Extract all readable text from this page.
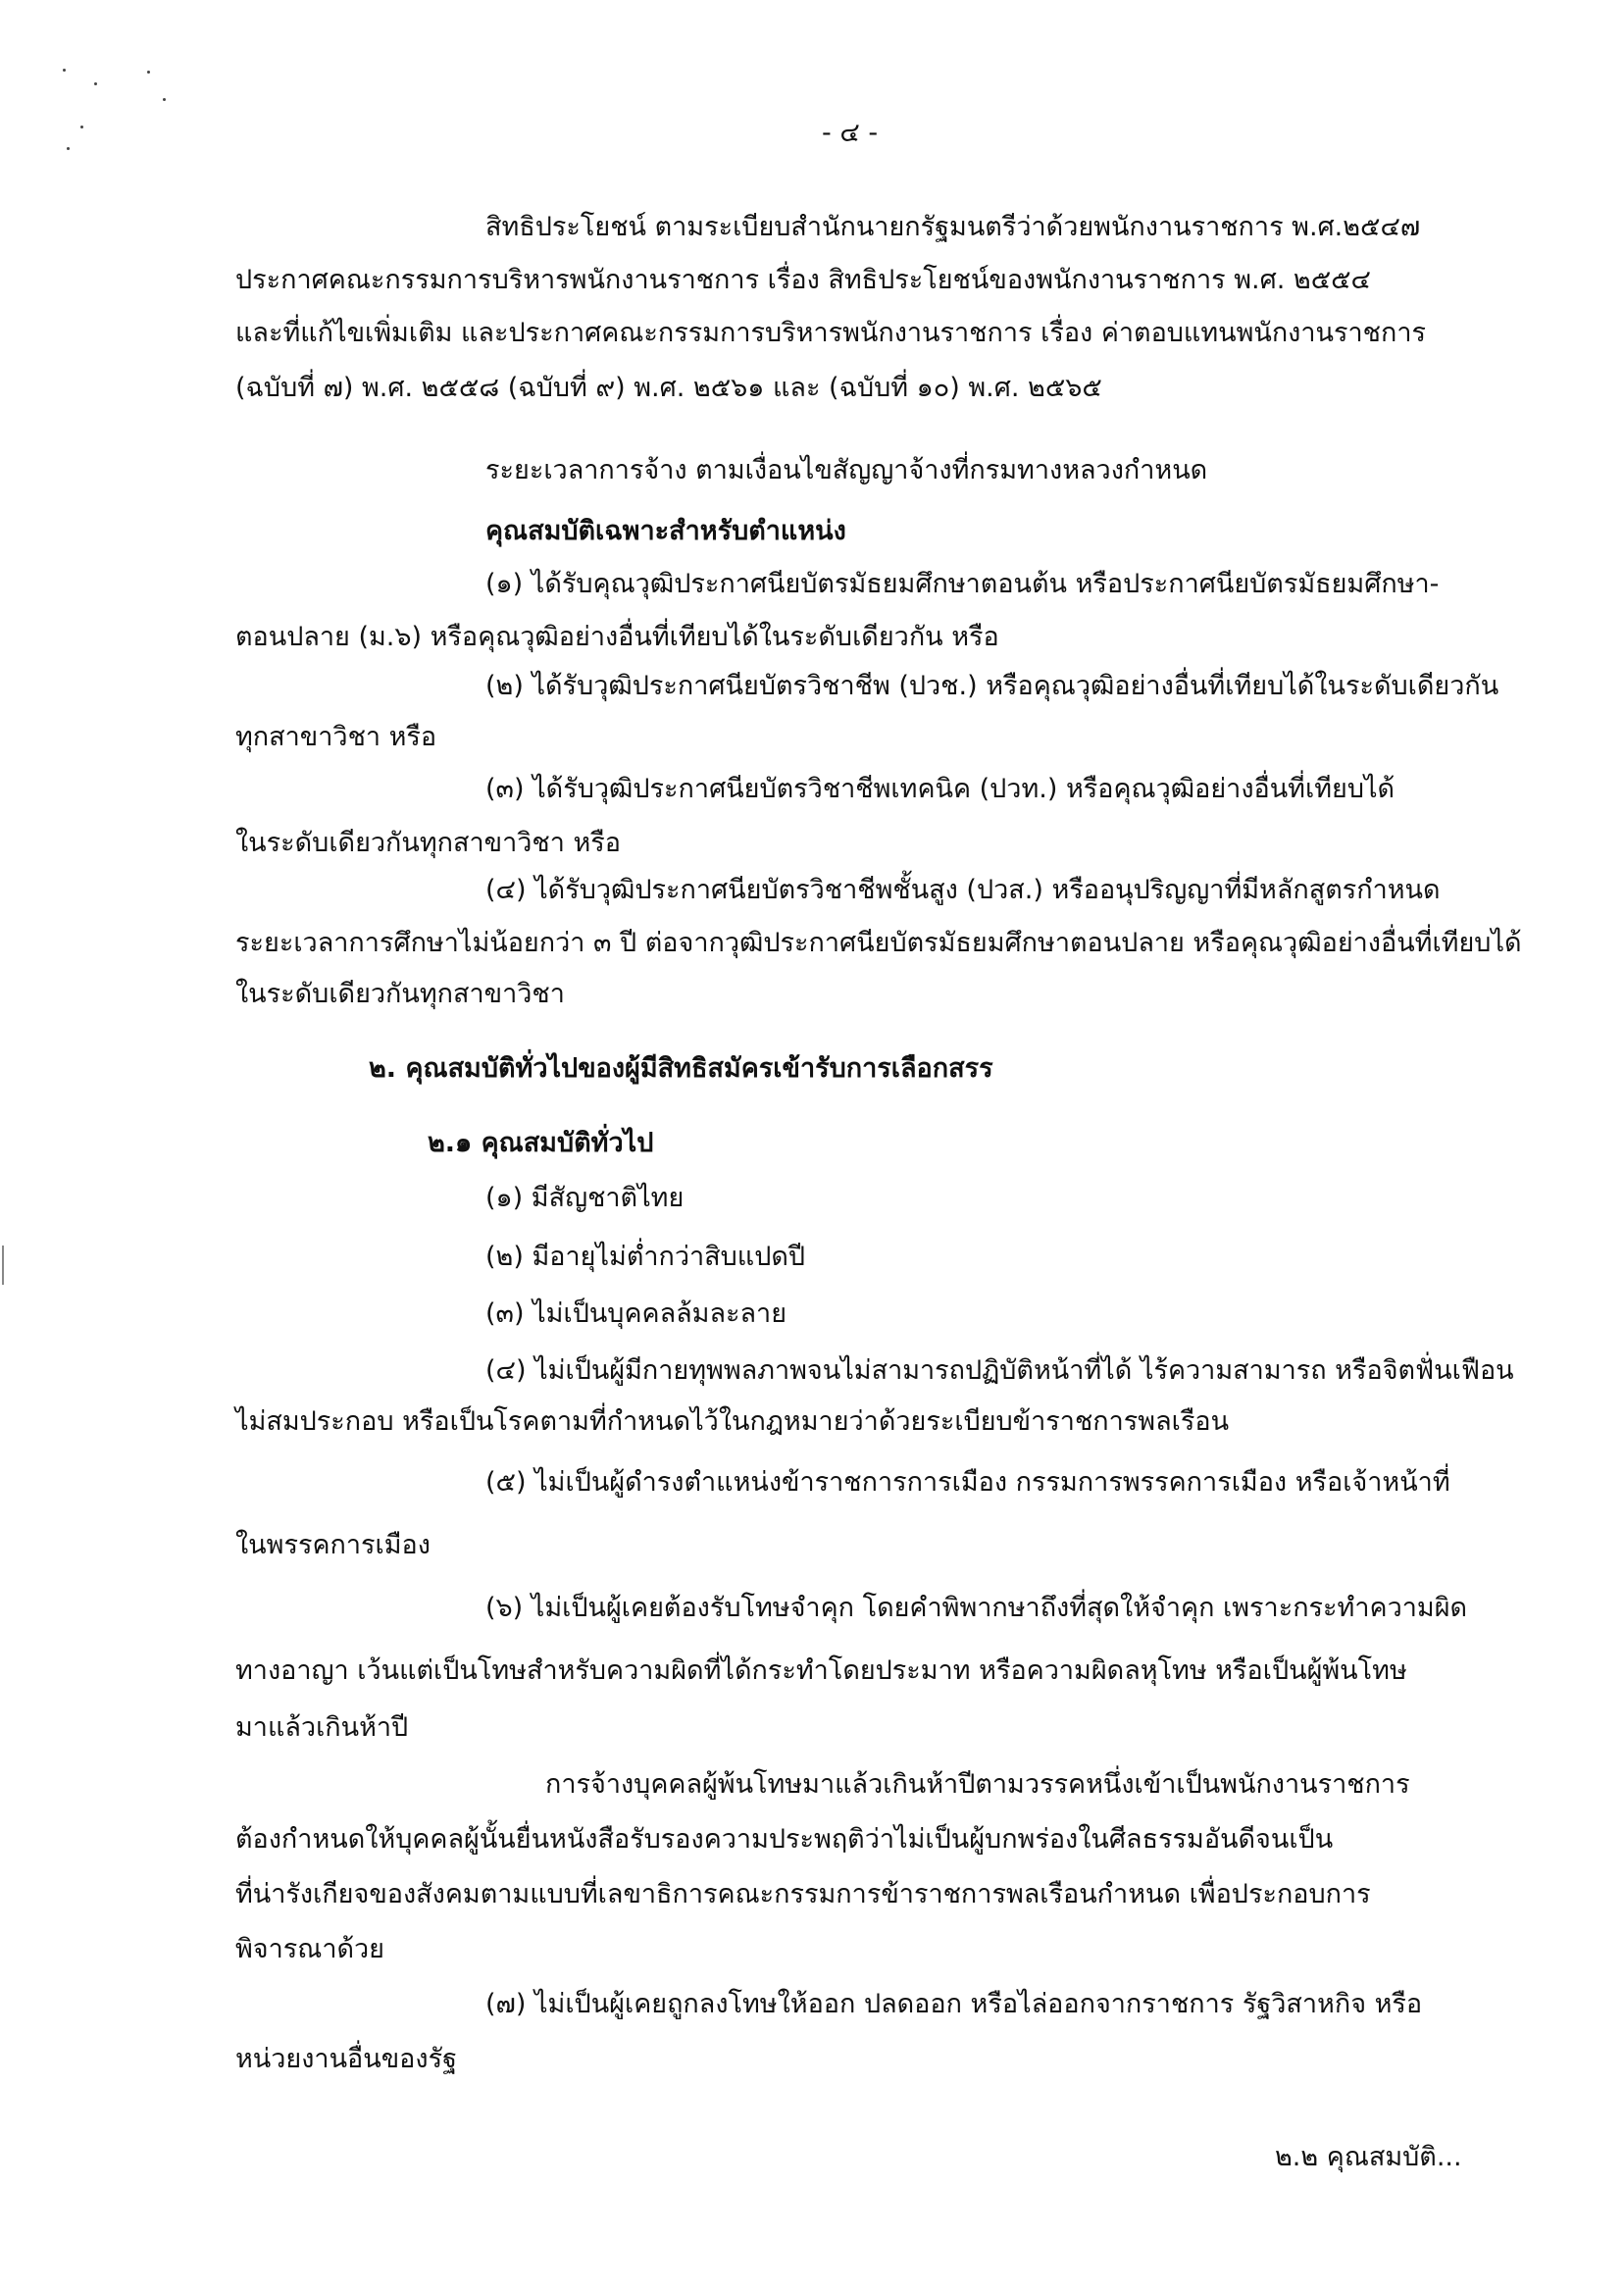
- ๔ -
สิทธิประโยชน์ ตามระเบียบสำนักนายกรัฐมนตรีว่าด้วยพนักงานราชการ พ.ศ.๒๕๔๗
ประกาศคณะกรรมการบริหารพนักงานราชการ เรื่อง สิทธิประโยชน์ของพนักงานราชการ พ.ศ. ๒๕๕๔
และที่แก้ไขเพิ่มเติม และประกาศคณะกรรมการบริหารพนักงานราชการ เรื่อง ค่าตอบแทนพนักงานราชการ
(ฉบับที่ ๗) พ.ศ. ๒๕๕๘ (ฉบับที่ ๙) พ.ศ. ๒๕๖๑ และ (ฉบับที่ ๑๐) พ.ศ. ๒๕๖๕
ระยะเวลาการจ้าง ตามเงื่อนไขสัญญาจ้างที่กรมทางหลวงกำหนด
คุณสมบัติเฉพาะสำหรับตำแหน่ง
(๑) ได้รับคุณวุฒิประกาศนียบัตรมัธยมศึกษาตอนต้น หรือประกาศนียบัตรมัธยมศึกษา-
ตอนปลาย (ม.๖) หรือคุณวุฒิอย่างอื่นที่เทียบได้ในระดับเดียวกัน หรือ
(๒) ได้รับวุฒิประกาศนียบัตรวิชาชีพ (ปวช.) หรือคุณวุฒิอย่างอื่นที่เทียบได้ในระดับเดียวกัน
ทุกสาขาวิชา หรือ
(๓) ได้รับวุฒิประกาศนียบัตรวิชาชีพเทคนิค (ปวท.) หรือคุณวุฒิอย่างอื่นที่เทียบได้
ในระดับเดียวกันทุกสาขาวิชา หรือ
(๔) ได้รับวุฒิประกาศนียบัตรวิชาชีพชั้นสูง (ปวส.) หรืออนุปริญญาที่มีหลักสูตรกำหนด
ระยะเวลาการศึกษาไม่น้อยกว่า ๓ ปี ต่อจากวุฒิประกาศนียบัตรมัธยมศึกษาตอนปลาย หรือคุณวุฒิอย่างอื่นที่เทียบได้
ในระดับเดียวกันทุกสาขาวิชา
๒. คุณสมบัติทั่วไปของผู้มีสิทธิสมัครเข้ารับการเลือกสรร
๒.๑ คุณสมบัติทั่วไป
(๑) มีสัญชาติไทย
(๒) มีอายุไม่ต่ำกว่าสิบแปดปี
(๓) ไม่เป็นบุคคลล้มละลาย
(๔) ไม่เป็นผู้มีกายทุพพลภาพจนไม่สามารถปฏิบัติหน้าที่ได้ ไร้ความสามารถ หรือจิตฟั่นเฟือน
ไม่สมประกอบ หรือเป็นโรคตามที่กำหนดไว้ในกฎหมายว่าด้วยระเบียบข้าราชการพลเรือน
(๕) ไม่เป็นผู้ดำรงตำแหน่งข้าราชการการเมือง กรรมการพรรคการเมือง หรือเจ้าหน้าที่
ในพรรคการเมือง
(๖) ไม่เป็นผู้เคยต้องรับโทษจำคุก โดยคำพิพากษาถึงที่สุดให้จำคุก เพราะกระทำความผิด
ทางอาญา เว้นแต่เป็นโทษสำหรับความผิดที่ได้กระทำโดยประมาท หรือความผิดลหุโทษ หรือเป็นผู้พ้นโทษ
มาแล้วเกินห้าปี
การจ้างบุคคลผู้พ้นโทษมาแล้วเกินห้าปีตามวรรคหนึ่งเข้าเป็นพนักงานราชการ
ต้องกำหนดให้บุคคลผู้นั้นยื่นหนังสือรับรองความประพฤติว่าไม่เป็นผู้บกพร่องในศีลธรรมอันดีจนเป็น
ที่น่ารังเกียจของสังคมตามแบบที่เลขาธิการคณะกรรมการข้าราชการพลเรือนกำหนด เพื่อประกอบการ
พิจารณาด้วย
(๗) ไม่เป็นผู้เคยถูกลงโทษให้ออก ปลดออก หรือไล่ออกจากราชการ รัฐวิสาหกิจ หรือ
หน่วยงานอื่นของรัฐ
๒.๒ คุณสมบัติ...
